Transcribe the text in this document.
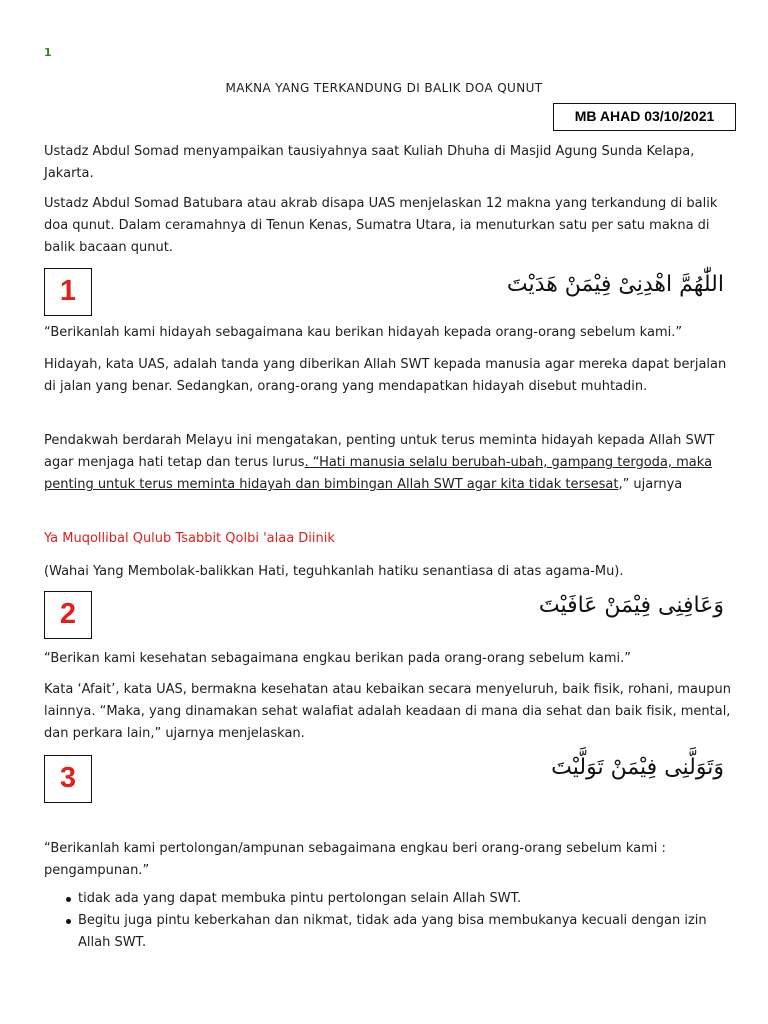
1
MAKNA YANG TERKANDUNG DI BALIK DOA QUNUT
MB AHAD 03/10/2021

Ustadz Abdul Somad menyampaikan tausiyahnya saat Kuliah Dhuha di Masjid Agung Sunda Kelapa, Jakarta.

Ustadz Abdul Somad Batubara atau akrab disapa UAS menjelaskan 12 makna yang terkandung di balik doa qunut. Dalam ceramahnya di Tenun Kenas, Sumatra Utara, ia menuturkan satu per satu makna di balik bacaan qunut.

1	اللّٰهُمَّ اهْدِنِىْ فِيْمَنْ هَدَيْتَ

“Berikanlah kami hidayah sebagaimana kau berikan hidayah kepada orang-orang sebelum kami.”

Hidayah, kata UAS, adalah tanda yang diberikan Allah SWT kepada manusia agar mereka dapat berjalan di jalan yang benar. Sedangkan, orang-orang yang mendapatkan hidayah disebut muhtadin.

Pendakwah berdarah Melayu ini mengatakan, penting untuk terus meminta hidayah kepada Allah SWT agar menjaga hati tetap dan terus lurus. “Hati manusia selalu berubah-ubah, gampang tergoda, maka penting untuk terus meminta hidayah dan bimbingan Allah SWT agar kita tidak tersesat,” ujarnya

Ya Muqollibal Qulub Tsabbit Qolbi 'alaa Diinik

(Wahai Yang Membolak-balikkan Hati, teguhkanlah hatiku senantiasa di atas agama-Mu).

2	وَعَافِنِى فِيْمَنْ عَافَيْتَ

“Berikan kami kesehatan sebagaimana engkau berikan pada orang-orang sebelum kami.”

Kata ‘Afait’, kata UAS, bermakna kesehatan atau kebaikan secara menyeluruh, baik fisik, rohani, maupun lainnya. “Maka, yang dinamakan sehat walafiat adalah keadaan di mana dia sehat dan baik fisik, mental, dan perkara lain,” ujarnya menjelaskan.

3	وَتَوَلَّنِى فِيْمَنْ تَوَلَّيْتَ

“Berikanlah kami pertolongan/ampunan sebagaimana engkau beri orang-orang sebelum kami : pengampunan.”

tidak ada yang dapat membuka pintu pertolongan selain Allah SWT.
Begitu juga pintu keberkahan dan nikmat, tidak ada yang bisa membukanya kecuali dengan izin Allah SWT.
